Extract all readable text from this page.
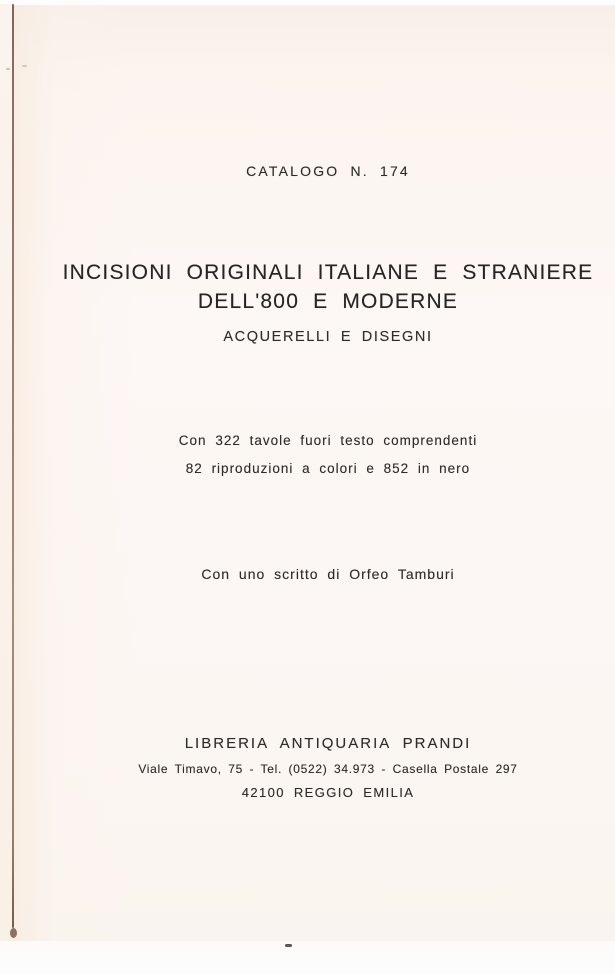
CATALOGO N. 174
INCISIONI ORIGINALI ITALIANE E STRANIERE
DELL'800 E MODERNE
ACQUERELLI E DISEGNI
Con 322 tavole fuori testo comprendenti
82 riproduzioni a colori e 852 in nero
Con uno scritto di Orfeo Tamburi
LIBRERIA ANTIQUARIA PRANDI
Viale Timavo, 75 - Tel. (0522) 34.973 - Casella Postale 297
42100 REGGIO EMILIA
